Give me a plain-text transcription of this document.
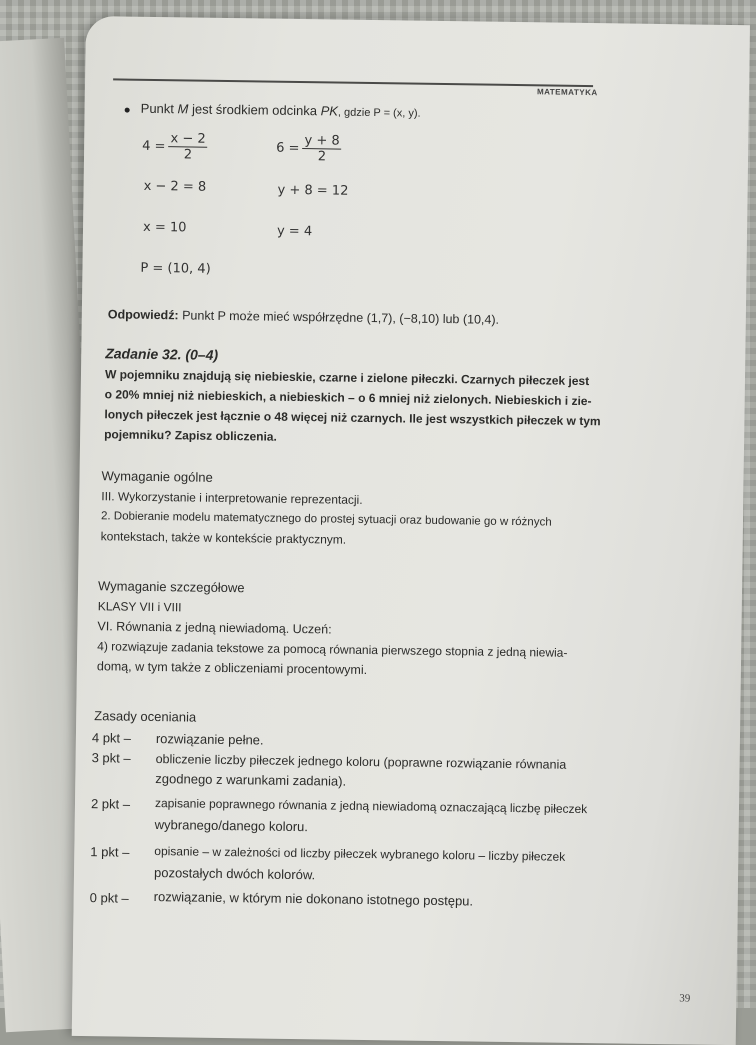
MATEMATYKA
Punkt M jest środkiem odcinka PK, gdzie P = (x, y).
$4 = \frac{x - 2}{2}$	$6 = \frac{y + 8}{2}$
x − 2 = 8	y + 8 = 12
x = 10	y = 4
P = (10, 4)
Odpowiedź: Punkt P może mieć współrzędne (1,7), (−8,10) lub (10,4).
Zadanie 32. (0–4)
W pojemniku znajdują się niebieskie, czarne i zielone piłeczki. Czarnych piłeczek jest
o 20% mniej niż niebieskich, a niebieskich – o 6 mniej niż zielonych. Niebieskich i zie-
lonych piłeczek jest łącznie o 48 więcej niż czarnych. Ile jest wszystkich piłeczek w tym
pojemniku? Zapisz obliczenia.
Wymaganie ogólne
III. Wykorzystanie i interpretowanie reprezentacji.
2. Dobieranie modelu matematycznego do prostej sytuacji oraz budowanie go w różnych
kontekstach, także w kontekście praktycznym.
Wymaganie szczegółowe
KLASY VII i VIII
VI. Równania z jedną niewiadomą. Uczeń:
4) rozwiązuje zadania tekstowe za pomocą równania pierwszego stopnia z jedną niewia-
domą, w tym także z obliczeniami procentowymi.
Zasady oceniania
4 pkt – rozwiązanie pełne.
3 pkt – obliczenie liczby piłeczek jednego koloru (poprawne rozwiązanie równania
zgodnego z warunkami zadania).
2 pkt – zapisanie poprawnego równania z jedną niewiadomą oznaczającą liczbę piłeczek
wybranego/danego koloru.
1 pkt – opisanie – w zależności od liczby piłeczek wybranego koloru – liczby piłeczek
pozostałych dwóch kolorów.
0 pkt – rozwiązanie, w którym nie dokonano istotnego postępu.
39
